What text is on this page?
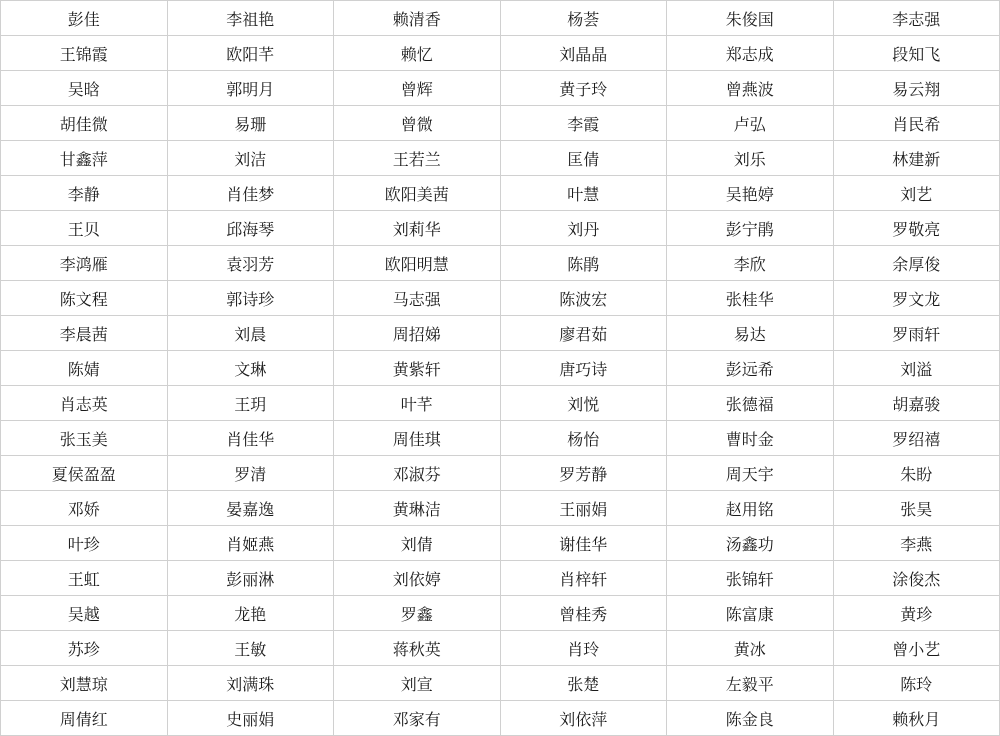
彭佳	李祖艳	赖清香	杨荟	朱俊国	李志强
王锦霞	欧阳芊	赖忆	刘晶晶	郑志成	段知飞
吴晗	郭明月	曾辉	黄子玲	曾燕波	易云翔
胡佳微	易珊	曾微	李霞	卢弘	肖民希
甘鑫萍	刘洁	王若兰	匡倩	刘乐	林建新
李静	肖佳梦	欧阳美茜	叶慧	吴艳婷	刘艺
王贝	邱海琴	刘莉华	刘丹	彭宁鹃	罗敬亮
李鸿雁	袁羽芳	欧阳明慧	陈鹃	李欣	余厚俊
陈文程	郭诗珍	马志强	陈波宏	张桂华	罗文龙
李晨茜	刘晨	周招娣	廖君茹	易达	罗雨轩
陈婧	文琳	黄紫轩	唐巧诗	彭远希	刘溢
肖志英	王玥	叶芊	刘悦	张德福	胡嘉骏
张玉美	肖佳华	周佳琪	杨怡	曹时金	罗绍禧
夏侯盈盈	罗清	邓淑芬	罗芳静	周天宇	朱盼
邓娇	晏嘉逸	黄琳洁	王丽娟	赵用铭	张昊
叶珍	肖姬燕	刘倩	谢佳华	汤鑫功	李燕
王虹	彭丽淋	刘依婷	肖梓轩	张锦轩	涂俊杰
吴越	龙艳	罗鑫	曾桂秀	陈富康	黄珍
苏珍	王敏	蒋秋英	肖玲	黄冰	曾小艺
刘慧琼	刘满珠	刘宣	张楚	左毅平	陈玲
周倩红	史丽娟	邓家有	刘依萍	陈金良	赖秋月
